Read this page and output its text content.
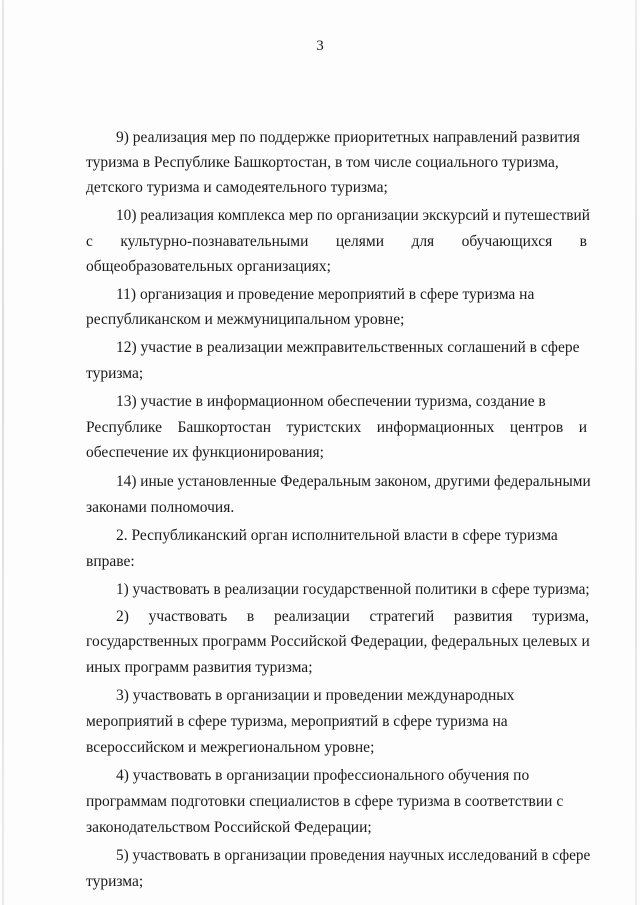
3
9) реализация мер по поддержке приоритетных направлений развития
туризма в Республике Башкортостан, в том числе социального туризма,
детского туризма и самодеятельного туризма;
10) реализация комплекса мер по организации экскурсий и путешествий
с культурно-познавательными целями для обучающихся в
общеобразовательных организациях;
11) организация и проведение мероприятий в сфере туризма на
республиканском и межмуниципальном уровне;
12) участие в реализации межправительственных соглашений в сфере
туризма;
13) участие в информационном обеспечении туризма, создание в
Республике Башкортостан туристских информационных центров и
обеспечение их функционирования;
14) иные установленные Федеральным законом, другими федеральными
законами полномочия.
2. Республиканский орган исполнительной власти в сфере туризма
вправе:
1) участвовать в реализации государственной политики в сфере туризма;
2) участвовать в реализации стратегий развития туризма,
государственных программ Российской Федерации, федеральных целевых и
иных программ развития туризма;
3) участвовать в организации и проведении международных
мероприятий в сфере туризма, мероприятий в сфере туризма на
всероссийском и межрегиональном уровне;
4) участвовать в организации профессионального обучения по
программам подготовки специалистов в сфере туризма в соответствии с
законодательством Российской Федерации;
5) участвовать в организации проведения научных исследований в сфере
туризма;
